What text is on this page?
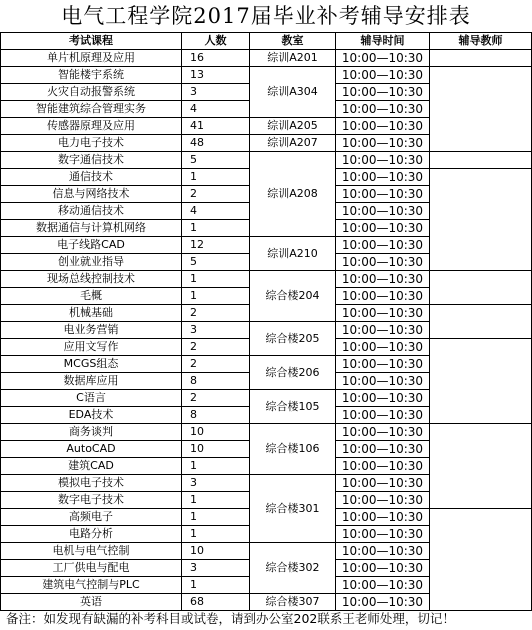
电气工程学院2017届毕业补考辅导安排表
考试课程	人数	教室	辅导时间	辅导教师
单片机原理及应用	16	综训A201	10:00—10:30	
智能楼宇系统	13	综训A304	10:00—10:30	
火灾自动报警系统	3		10:00—10:30	
智能建筑综合管理实务	4		10:00—10:30	
传感器原理及应用	41	综训A205	10:00—10:30	
电力电子技术	48	综训A207	10:00—10:30	
数字通信技术	5	综训A208	10:00—10:30	
通信技术	1		10:00—10:30	
信息与网络技术	2		10:00—10:30	
移动通信技术	4		10:00—10:30	
数据通信与计算机网络	1		10:00—10:30	
电子线路CAD	12	综训A210	10:00—10:30	
创业就业指导	5		10:00—10:30	
现场总线控制技术	1	综合楼204	10:00—10:30	
毛概	1		10:00—10:30	
机械基础	2		10:00—10:30	
电业务营销	3	综合楼205	10:00—10:30	
应用文写作	2		10:00—10:30	
MCGS组态	2	综合楼206	10:00—10:30	
数据库应用	8		10:00—10:30	
C语言	2	综合楼105	10:00—10:30	
EDA技术	8		10:00—10:30	
商务谈判	10	综合楼106	10:00—10:30	
AutoCAD	10		10:00—10:30	
建筑CAD	1		10:00—10:30	
模拟电子技术	3	综合楼301	10:00—10:30	
数字电子技术	1		10:00—10:30	
高频电子	1		10:00—10:30	
电路分析	1		10:00—10:30	
电机与电气控制	10	综合楼302	10:00—10:30	
工厂供电与配电	3		10:00—10:30	
建筑电气控制与PLC	1		10:00—10:30	
英语	68	综合楼307	10:00—10:30	
备注：如发现有缺漏的补考科目或试卷，请到办公室202联系王老师处理，切记！
